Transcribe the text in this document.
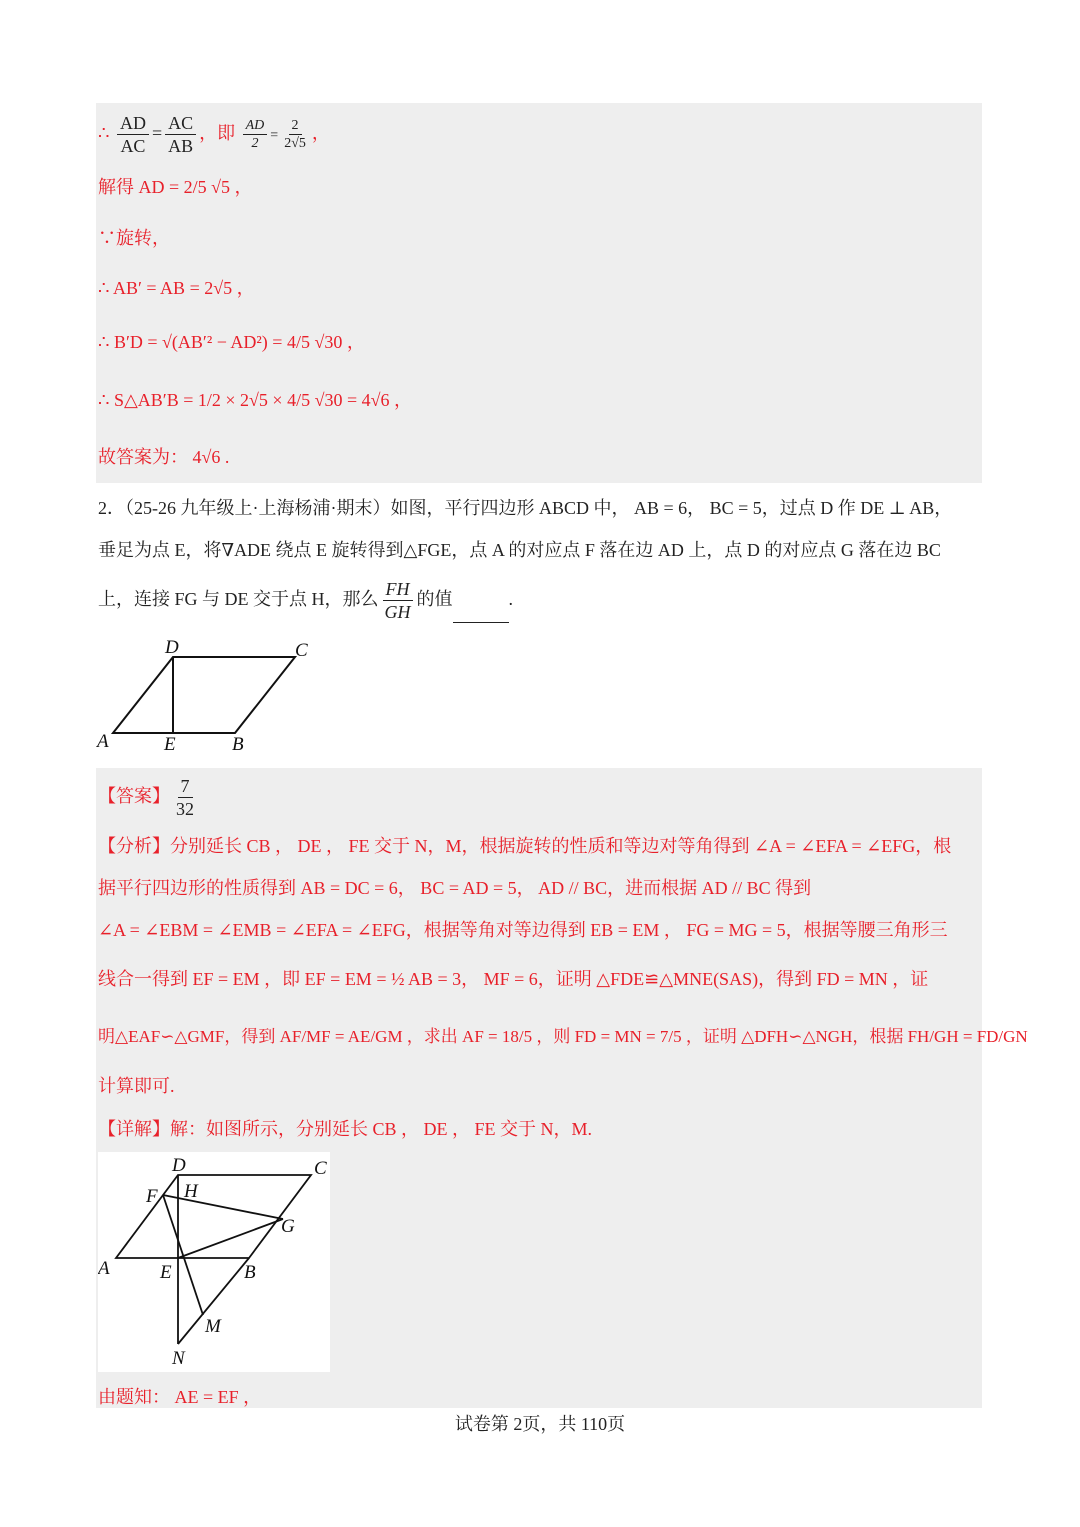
∴ $\frac{AD}{AC} = \frac{AC}{AB}$ ，即 $\frac{AD}{2} = \frac{2}{2√5}$ ，
解得 AD = 2/5 √5 ，
∵旋转，
∴ AB′ = AB = 2√5 ，
∴ B′D = √(AB′² − AD²) = 4/5 √30 ，
∴ S△AB′B = 1/2 × 2√5 × 4/5 √30 = 4√6 ，
故答案为： 4√6 .
2．（25-26 九年级上·上海杨浦·期末）如图，平行四边形 ABCD 中， AB = 6， BC = 5，过点 D 作 DE ⊥ AB，
垂足为点 E，将∇ADE 绕点 E 旋转得到△FGE，点 A 的对应点 F 落在边 AD 上，点 D 的对应点 G 落在边 BC
上，连接 FG 与 DE 交于点 H，那么 $\frac{FH}{GH}$ 的值	.
D	C
A	E	B
【答案】 $\frac{7}{32}$
【分析】分别延长 CB ， DE ， FE 交于 N，M，根据旋转的性质和等边对等角得到 ∠A = ∠EFA = ∠EFG，根
据平行四边形的性质得到 AB = DC = 6， BC = AD = 5， AD // BC，进而根据 AD // BC 得到
∠A = ∠EBM = ∠EMB = ∠EFA = ∠EFG，根据等角对等边得到 EB = EM ， FG = MG = 5，根据等腰三角形三
线合一得到 EF = EM ，即 EF = EM = ½ AB = 3， MF = 6，证明 △FDE≌△MNE(SAS)，得到 FD = MN ，证
明△EAF∽△GMF，得到 AF/MF = AE/GM ，求出 AF = 18/5 ，则 FD = MN = 7/5 ，证明 △DFH∽△NGH，根据 FH/GH = FD/GN
计算即可.
【详解】解：如图所示，分别延长 CB ， DE ， FE 交于 N，M.
D	C
F H
G
A	E	B
M
N
由题知： AE = EF ，
试卷第 2页，共 110页
